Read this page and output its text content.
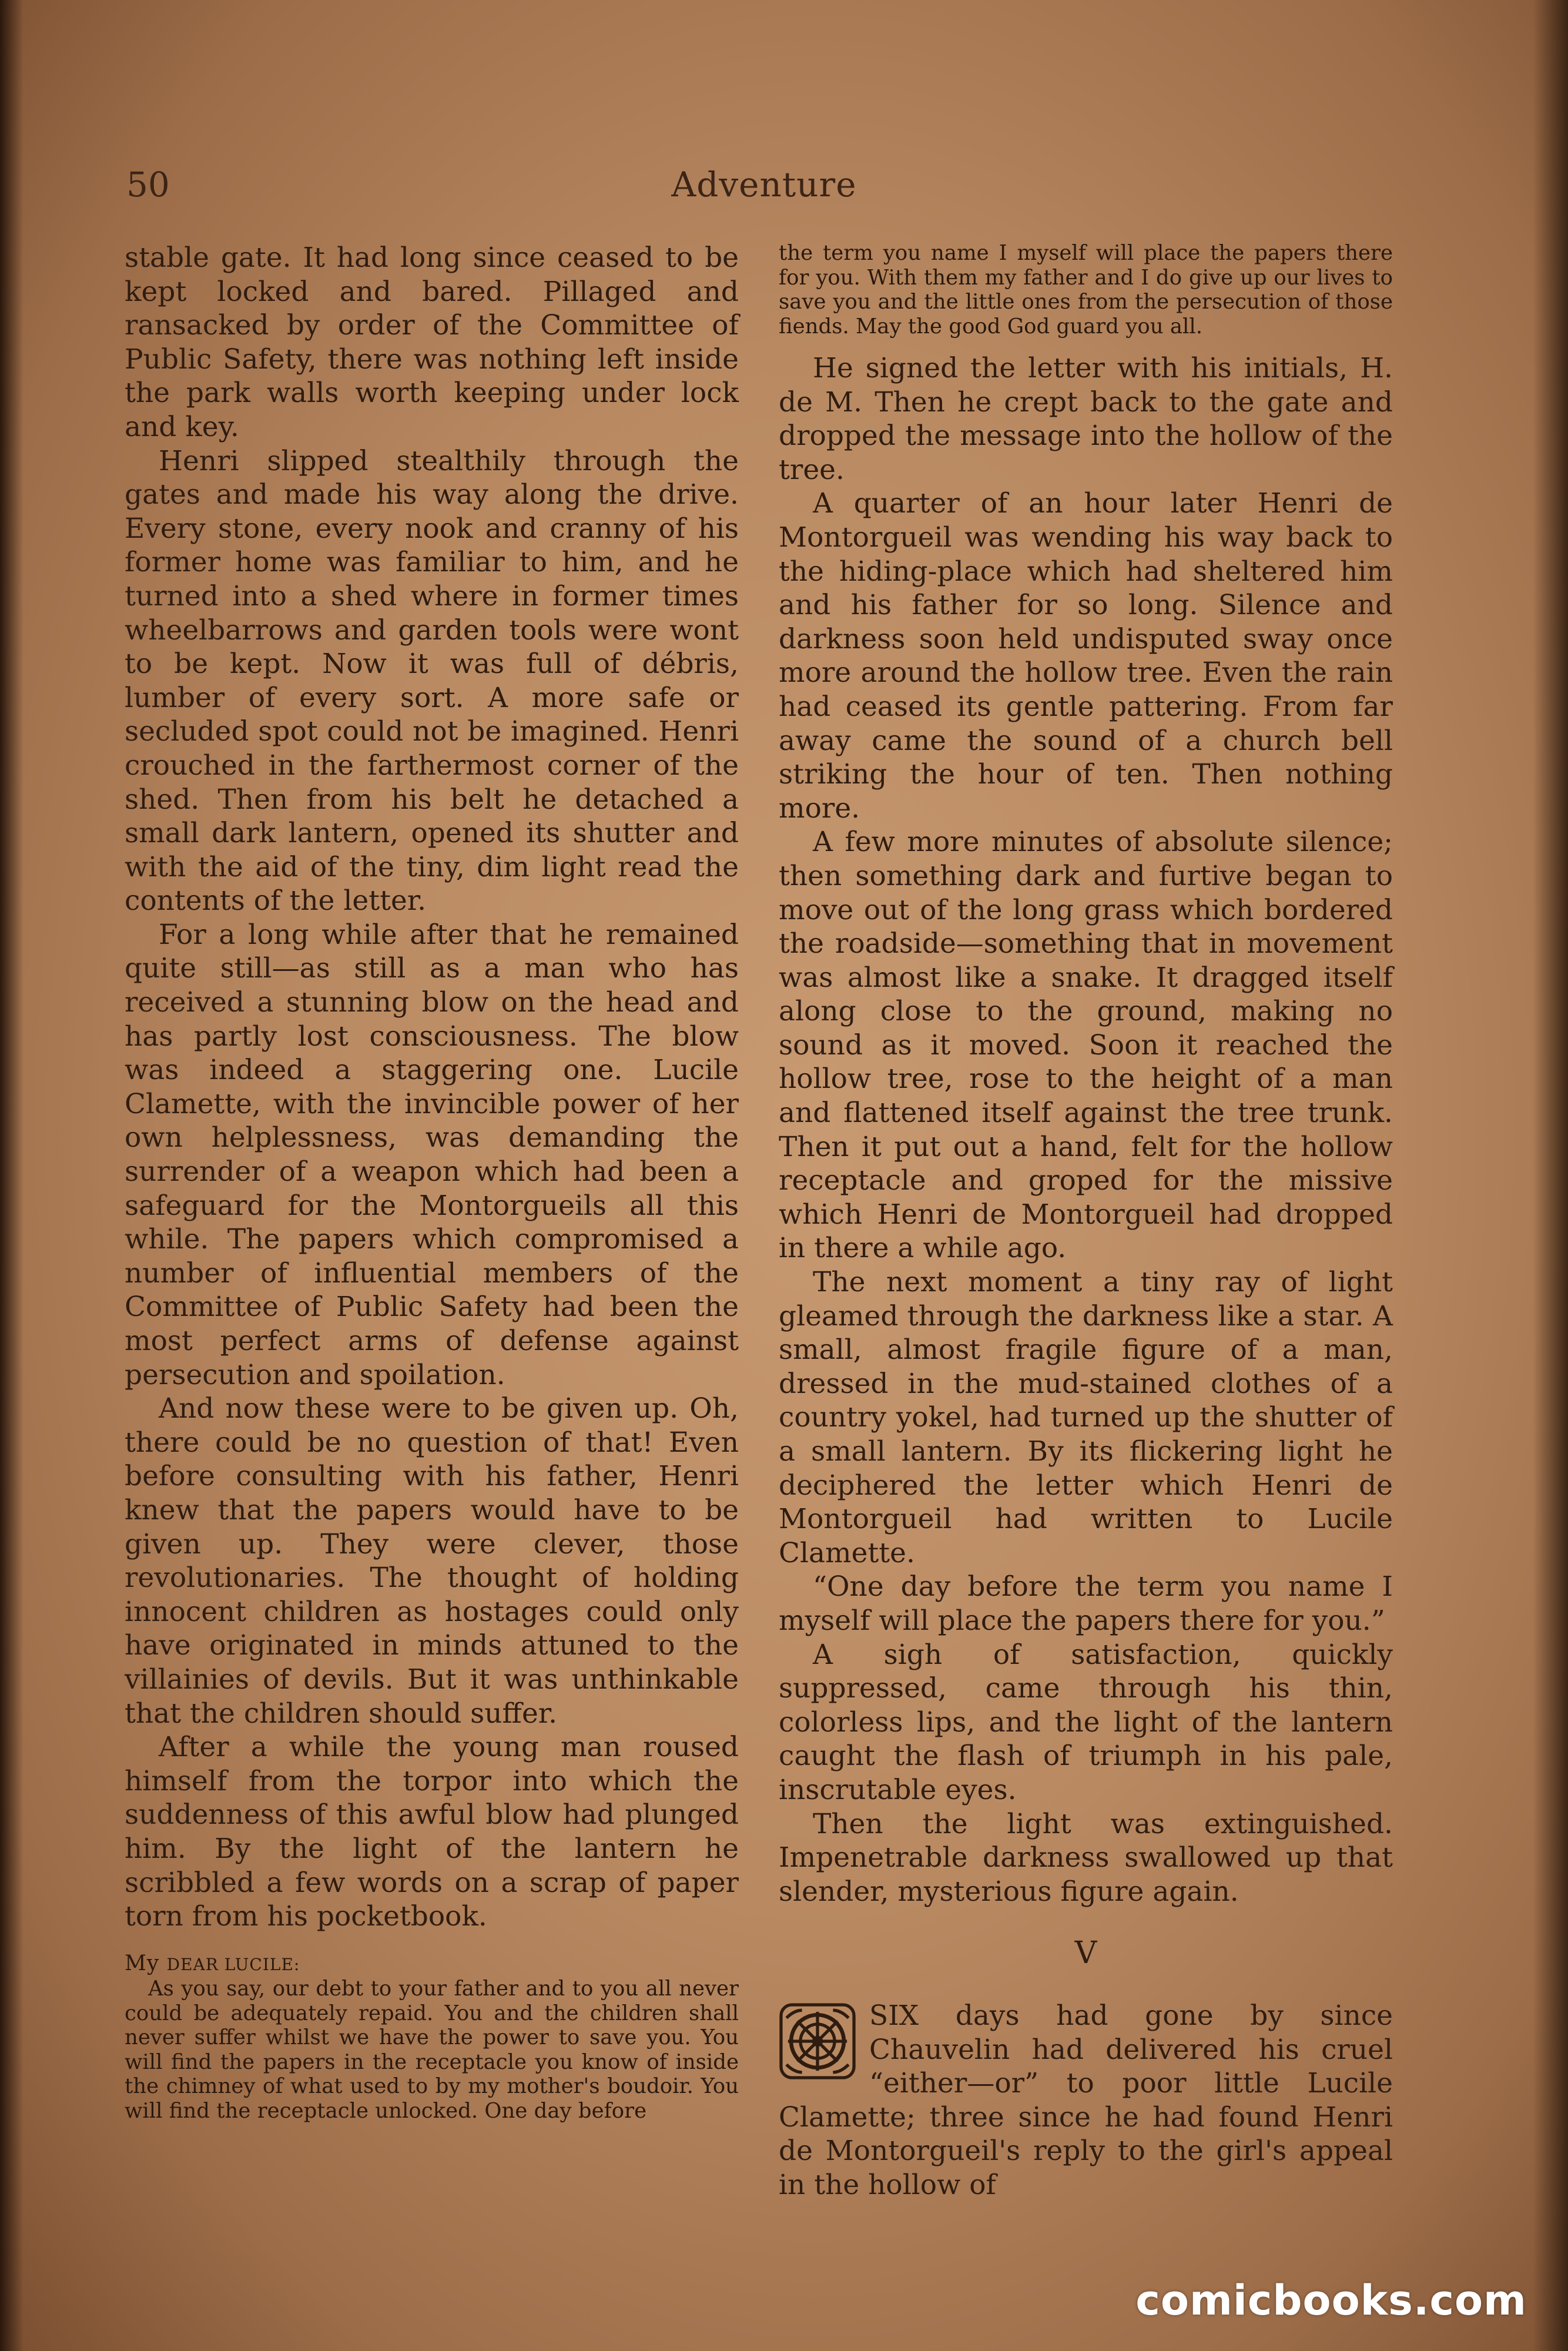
50	Adventure

stable gate. It had long since ceased to be kept locked and bared. Pillaged and ransacked by order of the Committee of Public Safety, there was nothing left inside the park walls worth keeping under lock and key.

Henri slipped stealthily through the gates and made his way along the drive. Every stone, every nook and cranny of his former home was familiar to him, and he turned into a shed where in former times wheelbarrows and garden tools were wont to be kept. Now it was full of débris, lumber of every sort. A more safe or secluded spot could not be imagined. Henri crouched in the farthermost corner of the shed. Then from his belt he detached a small dark lantern, opened its shutter and with the aid of the tiny, dim light read the contents of the letter.

For a long while after that he remained quite still—as still as a man who has received a stunning blow on the head and has partly lost consciousness. The blow was indeed a staggering one. Lucile Clamette, with the invincible power of her own helplessness, was demanding the surrender of a weapon which had been a safeguard for the Montorgueils all this while. The papers which compromised a number of influential members of the Committee of Public Safety had been the most perfect arms of defense against persecution and spoilation.

And now these were to be given up. Oh, there could be no question of that! Even before consulting with his father, Henri knew that the papers would have to be given up. They were clever, those revolutionaries. The thought of holding innocent children as hostages could only have originated in minds attuned to the villainies of devils. But it was unthinkable that the children should suffer.

After a while the young man roused himself from the torpor into which the suddenness of this awful blow had plunged him. By the light of the lantern he scribbled a few words on a scrap of paper torn from his pocketbook.

My DEAR LUCILE:

As you say, our debt to your father and to you all never could be adequately repaid. You and the children shall never suffer whilst we have the power to save you. You will find the papers in the receptacle you know of inside the chimney of what used to by my mother's boudoir. You will find the receptacle unlocked. One day before

the term you name I myself will place the papers there for you. With them my father and I do give up our lives to save you and the little ones from the persecution of those fiends. May the good God guard you all.

He signed the letter with his initials, H. de M. Then he crept back to the gate and dropped the message into the hollow of the tree.

A quarter of an hour later Henri de Montorgueil was wending his way back to the hiding-place which had sheltered him and his father for so long. Silence and darkness soon held undisputed sway once more around the hollow tree. Even the rain had ceased its gentle pattering. From far away came the sound of a church bell striking the hour of ten. Then nothing more.

A few more minutes of absolute silence; then something dark and furtive began to move out of the long grass which bordered the roadside—something that in movement was almost like a snake. It dragged itself along close to the ground, making no sound as it moved. Soon it reached the hollow tree, rose to the height of a man and flattened itself against the tree trunk. Then it put out a hand, felt for the hollow receptacle and groped for the missive which Henri de Montorgueil had dropped in there a while ago.

The next moment a tiny ray of light gleamed through the darkness like a star. A small, almost fragile figure of a man, dressed in the mud-stained clothes of a country yokel, had turned up the shutter of a small lantern. By its flickering light he deciphered the letter which Henri de Montorgueil had written to Lucile Clamette.

“One day before the term you name I myself will place the papers there for you.”

A sigh of satisfaction, quickly suppressed, came through his thin, colorless lips, and the light of the lantern caught the flash of triumph in his pale, inscrutable eyes.

Then the light was extinguished. Impenetrable darkness swallowed up that slender, mysterious figure again.

V

SIX days had gone by since Chauvelin had delivered his cruel “either—or” to poor little Lucile Clamette; three since he had found Henri de Montorgueil's reply to the girl's appeal in the hollow of

comicbooks.com
